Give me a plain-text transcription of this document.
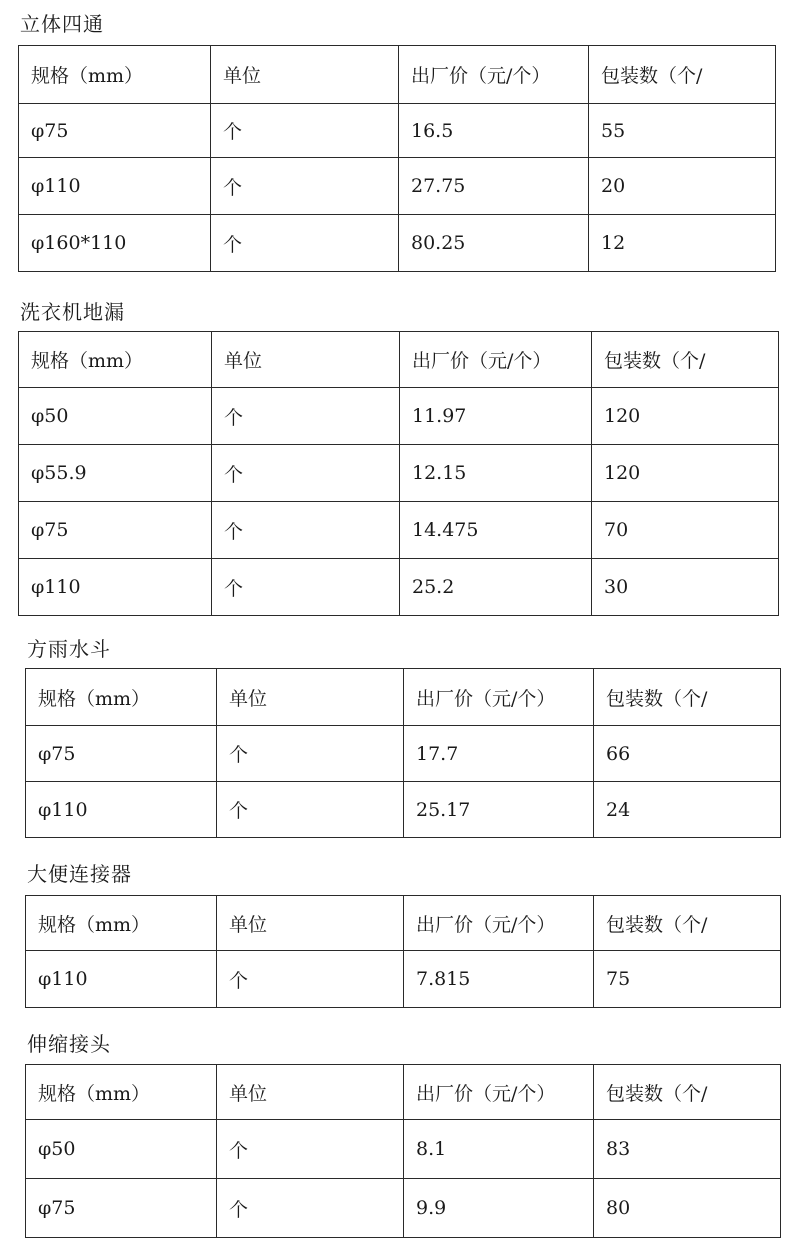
立体四通
规格（mm）	单位	出厂价（元/个）	包装数（个/
φ75	个	16.5	55
φ110	个	27.75	20
φ160*110	个	80.25	12
洗衣机地漏
规格（mm）	单位	出厂价（元/个）	包装数（个/
φ50	个	11.97	120
φ55.9	个	12.15	120
φ75	个	14.475	70
φ110	个	25.2	30
方雨水斗
规格（mm）	单位	出厂价（元/个）	包装数（个/
φ75	个	17.7	66
φ110	个	25.17	24
大便连接器
规格（mm）	单位	出厂价（元/个）	包装数（个/
φ110	个	7.815	75
伸缩接头
规格（mm）	单位	出厂价（元/个）	包装数（个/
φ50	个	8.1	83
φ75	个	9.9	80
